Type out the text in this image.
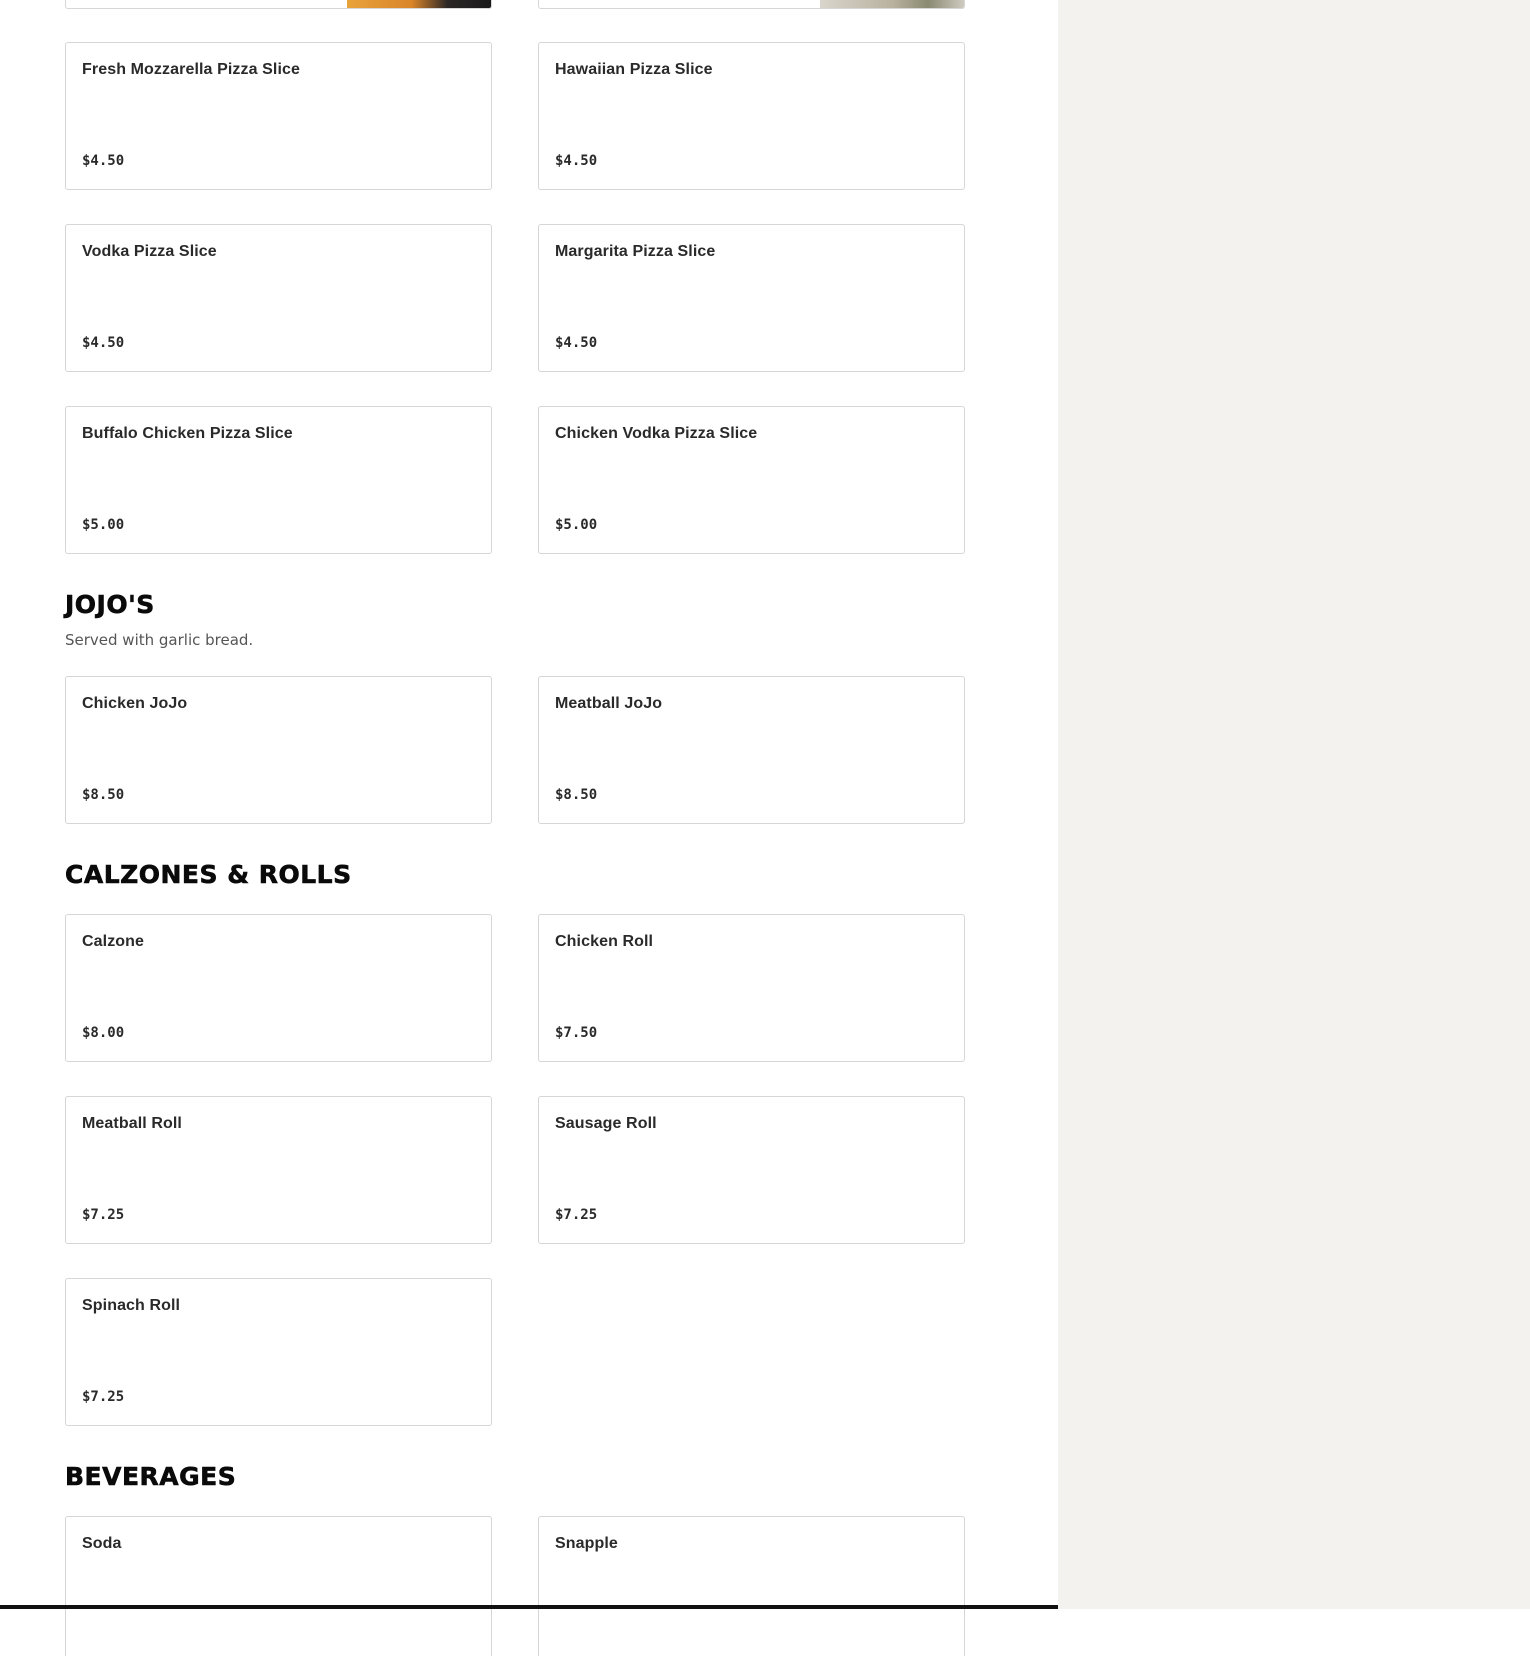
Fresh Mozzarella Pizza Slice
$4.50
Hawaiian Pizza Slice
$4.50
Vodka Pizza Slice
$4.50
Margarita Pizza Slice
$4.50
Buffalo Chicken Pizza Slice
$5.00
Chicken Vodka Pizza Slice
$5.00
JOJO'S
Served with garlic bread.
Chicken JoJo
$8.50
Meatball JoJo
$8.50
CALZONES & ROLLS
Calzone
$8.00
Chicken Roll
$7.50
Meatball Roll
$7.25
Sausage Roll
$7.25
Spinach Roll
$7.25
BEVERAGES
Soda	Snapple
